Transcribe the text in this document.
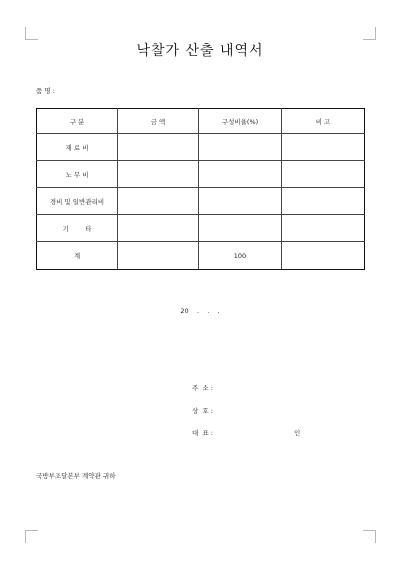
낙찰가 산출 내역서
품 명 :
구 분	금 액	구성비율(%)	비 고
재 료 비			
노 무 비			
경비 및 일반관리비			
기        타			
계		100	
20    .    .    .
주  소 :
상  호 :
대  표 :	인
국방부조달본부 계약관 귀하
